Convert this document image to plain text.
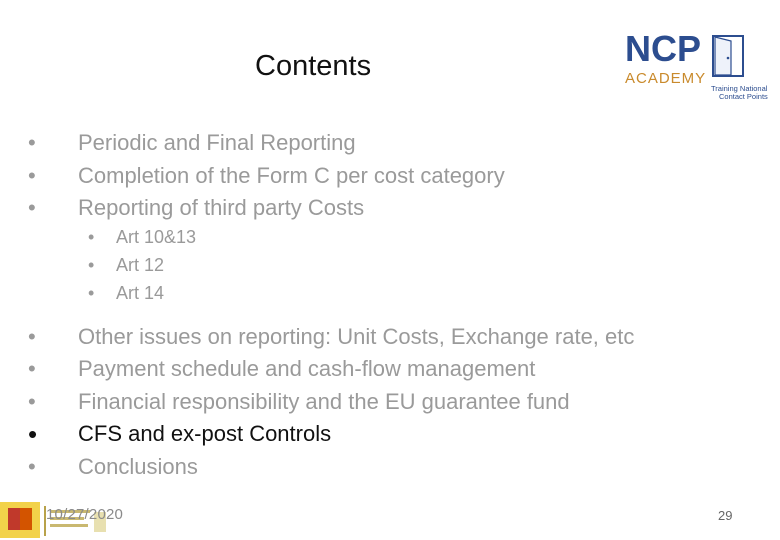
Contents	NCP
ACADEMY
Training National
Contact Points
•	Periodic and Final Reporting
•	Completion of the Form C per cost category
•	Reporting of third party Costs
• Art 10&13
• Art 12
• Art 14
•	Other issues on reporting: Unit Costs, Exchange rate, etc
•	Payment schedule and cash-flow management
•	Financial responsibility and the EU guarantee fund
•	CFS and ex-post Controls
•	Conclusions
10/27/2020	29
